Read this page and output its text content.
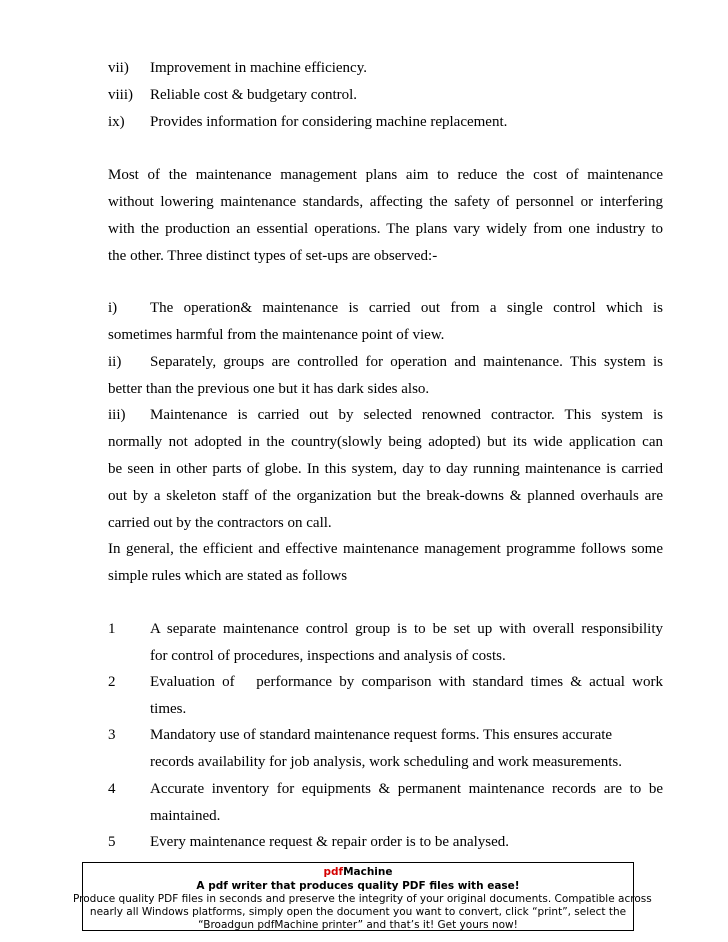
vii) Improvement in machine efficiency.
viii) Reliable cost & budgetary control.
ix) Provides information for considering machine replacement.
Most of the maintenance management plans aim to reduce the cost of maintenance
without lowering maintenance standards, affecting the safety of personnel or interfering
with the production an essential operations. The plans vary widely from one industry to
the other. Three distinct types of set-ups are observed:-
i) The operation& maintenance is carried out from a single control which is
sometimes harmful from the maintenance point of view.
ii) Separately, groups are controlled for operation and maintenance. This system is
better than the previous one but it has dark sides also.
iii) Maintenance is carried out by selected renowned contractor. This system is
normally not adopted in the country(slowly being adopted) but its wide application can
be seen in other parts of globe. In this system, day to day running maintenance is carried
out by a skeleton staff of the organization but the break-downs & planned overhauls are
carried out by the contractors on call.
In general, the efficient and effective maintenance management programme follows some
simple rules which are stated as follows
1 A separate maintenance control group is to be set up with overall responsibility
for control of procedures, inspections and analysis of costs.
2 Evaluation of   performance by comparison with standard times & actual work
times.
3 Mandatory use of standard maintenance request forms. This ensures accurate
records availability for job analysis, work scheduling and work measurements.
4 Accurate inventory for equipments & permanent maintenance records are to be
maintained.
5 Every maintenance request & repair order is to be analysed.
pdfMachine
A pdf writer that produces quality PDF files with ease!
Produce quality PDF files in seconds and preserve the integrity of your original documents. Compatible across
nearly all Windows platforms, simply open the document you want to convert, click “print”, select the
“Broadgun pdfMachine printer” and that’s it! Get yours now!
